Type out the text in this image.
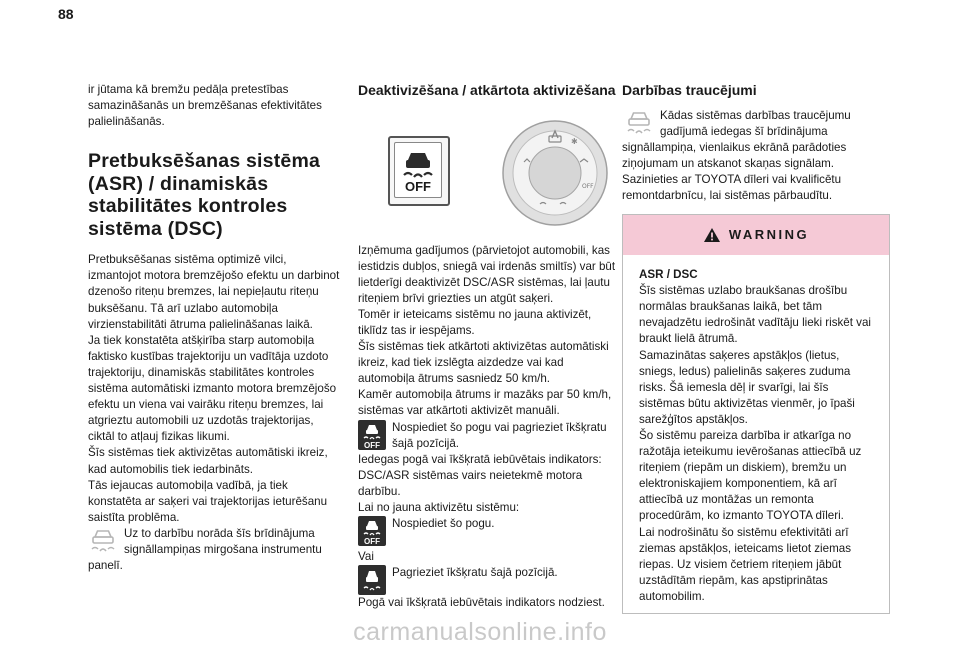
88

ir jūtama kā bremžu pedāļa pretestības samazināšanās un bremzēšanas efektivitātes palielināšanās.

Pretbuksēšanas sistēma (ASR) / dinamiskās stabilitātes kontroles sistēma (DSC)

Pretbuksēšanas sistēma optimizē vilci, izmantojot motora bremzējošo efektu un darbinot dzenošo riteņu bremzes, lai nepieļautu riteņu buksēšanu. Tā arī uzlabo automobiļa virzienstabilitāti ātruma palielināšanas laikā.

Ja tiek konstatēta atšķirība starp automobiļa faktisko kustības trajektoriju un vadītāja uzdoto trajektoriju, dinamiskās stabilitātes kontroles sistēma automātiski izmanto motora bremzējošo efektu un viena vai vairāku riteņu bremzes, lai atgrieztu automobili uz uzdotās trajektorijas, ciktāl to atļauj fizikas likumi.

Šīs sistēmas tiek aktivizētas automātiski ikreiz, kad automobilis tiek iedarbināts.

Tās iejaucas automobiļa vadībā, ja tiek konstatēta ar saķeri vai trajektorijas ieturēšanu saistīta problēma.

Uz to darbību norāda šīs brīdinājuma signāllampiņas mirgošana instrumentu panelī.
Deaktivizēšana / atkārtota aktivizēšana
OFF
✱
OFF

Izņēmuma gadījumos (pārvietojot automobili, kas iestidzis dubļos, sniegā vai irdenās smiltīs) var būt lietderīgi deaktivizēt DSC/ASR sistēmas, lai ļautu riteņiem brīvi griezties un atgūt saķeri.

Tomēr ir ieteicams sistēmu no jauna aktivizēt, tiklīdz tas ir iespējams.

Šīs sistēmas tiek atkārtoti aktivizētas automātiski ikreiz, kad tiek izslēgta aizdedze vai kad automobiļa ātrums sasniedz 50 km/h.

Kamēr automobiļa ātrums ir mazāks par 50 km/h, sistēmas var atkārtoti aktivizēt manuāli.

OFF
Nospiediet šo pogu vai pagrieziet īkšķratu šajā pozīcijā.

Iedegas pogā vai īkšķratā iebūvētais indikators: DSC/ASR sistēmas vairs neietekmē motora darbību.

Lai no jauna aktivizētu sistēmu:

OFF
Nospiediet šo pogu.

Vai

Pagrieziet īkšķratu šajā pozīcijā.

Pogā vai īkšķratā iebūvētais indikators nodziest.

Darbības traucējumi
Kādas sistēmas darbības traucējumu gadījumā iedegas šī brīdinājuma signāllampiņa, vienlaikus ekrānā parādoties ziņojumam un atskanot skaņas signālam. Sazinieties ar TOYOTA dīleri vai kvalificētu remontdarbnīcu, lai sistēmas pārbaudītu.
WARNING

ASR / DSC

Šīs sistēmas uzlabo braukšanas drošību normālas braukšanas laikā, bet tām nevajadzētu iedrošināt vadītāju lieki riskēt vai braukt lielā ātrumā.

Samazinātas saķeres apstākļos (lietus, sniegs, ledus) palielinās saķeres zuduma risks. Šā iemesla dēļ ir svarīgi, lai šīs sistēmas būtu aktivizētas vienmēr, jo īpaši sarežģītos apstākļos.

Šo sistēmu pareiza darbība ir atkarīga no ražotāja ieteikumu ievērošanas attiecībā uz riteņiem (riepām un diskiem), bremžu un elektroniskajiem komponentiem, kā arī attiecībā uz montāžas un remonta procedūrām, ko izmanto TOYOTA dīleri.

Lai nodrošinātu šo sistēmu efektivitāti arī ziemas apstākļos, ieteicams lietot ziemas riepas. Uz visiem četriem riteņiem jābūt uzstādītām riepām, kas apstiprinātas automobilim.

carmanualsonline.info
